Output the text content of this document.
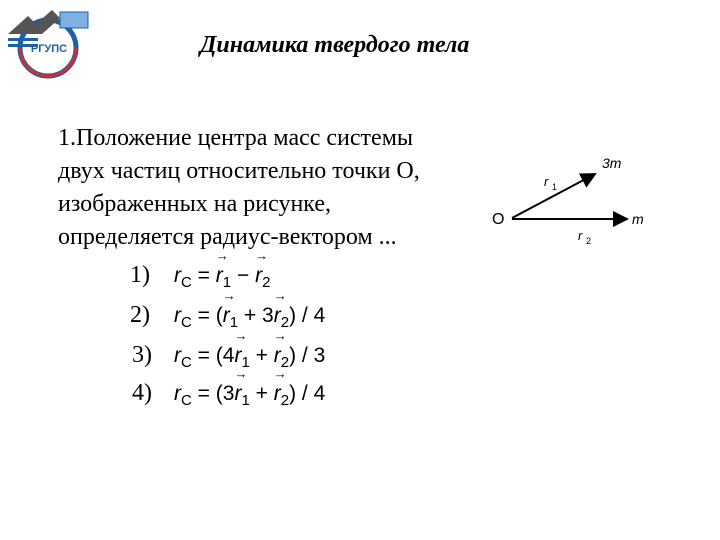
РГУПС	Динамика твердого тела
1.Положение центра масс системы
двух частиц относительно точки О,
изображенных на рисунке,
определяется радиус-вектором ...
O
3m
m
r 1
r 2
1) $r_C$ = → $r_1$ − → $r_2$
2) $r_C$ = (→ $r_1 + 3\to r_2) / 4$
3) $r_C = (4\to r_1$ + → $r_2) / 3$
4) $r_C = (3\to r_1$ + → $r_2) / 4$
